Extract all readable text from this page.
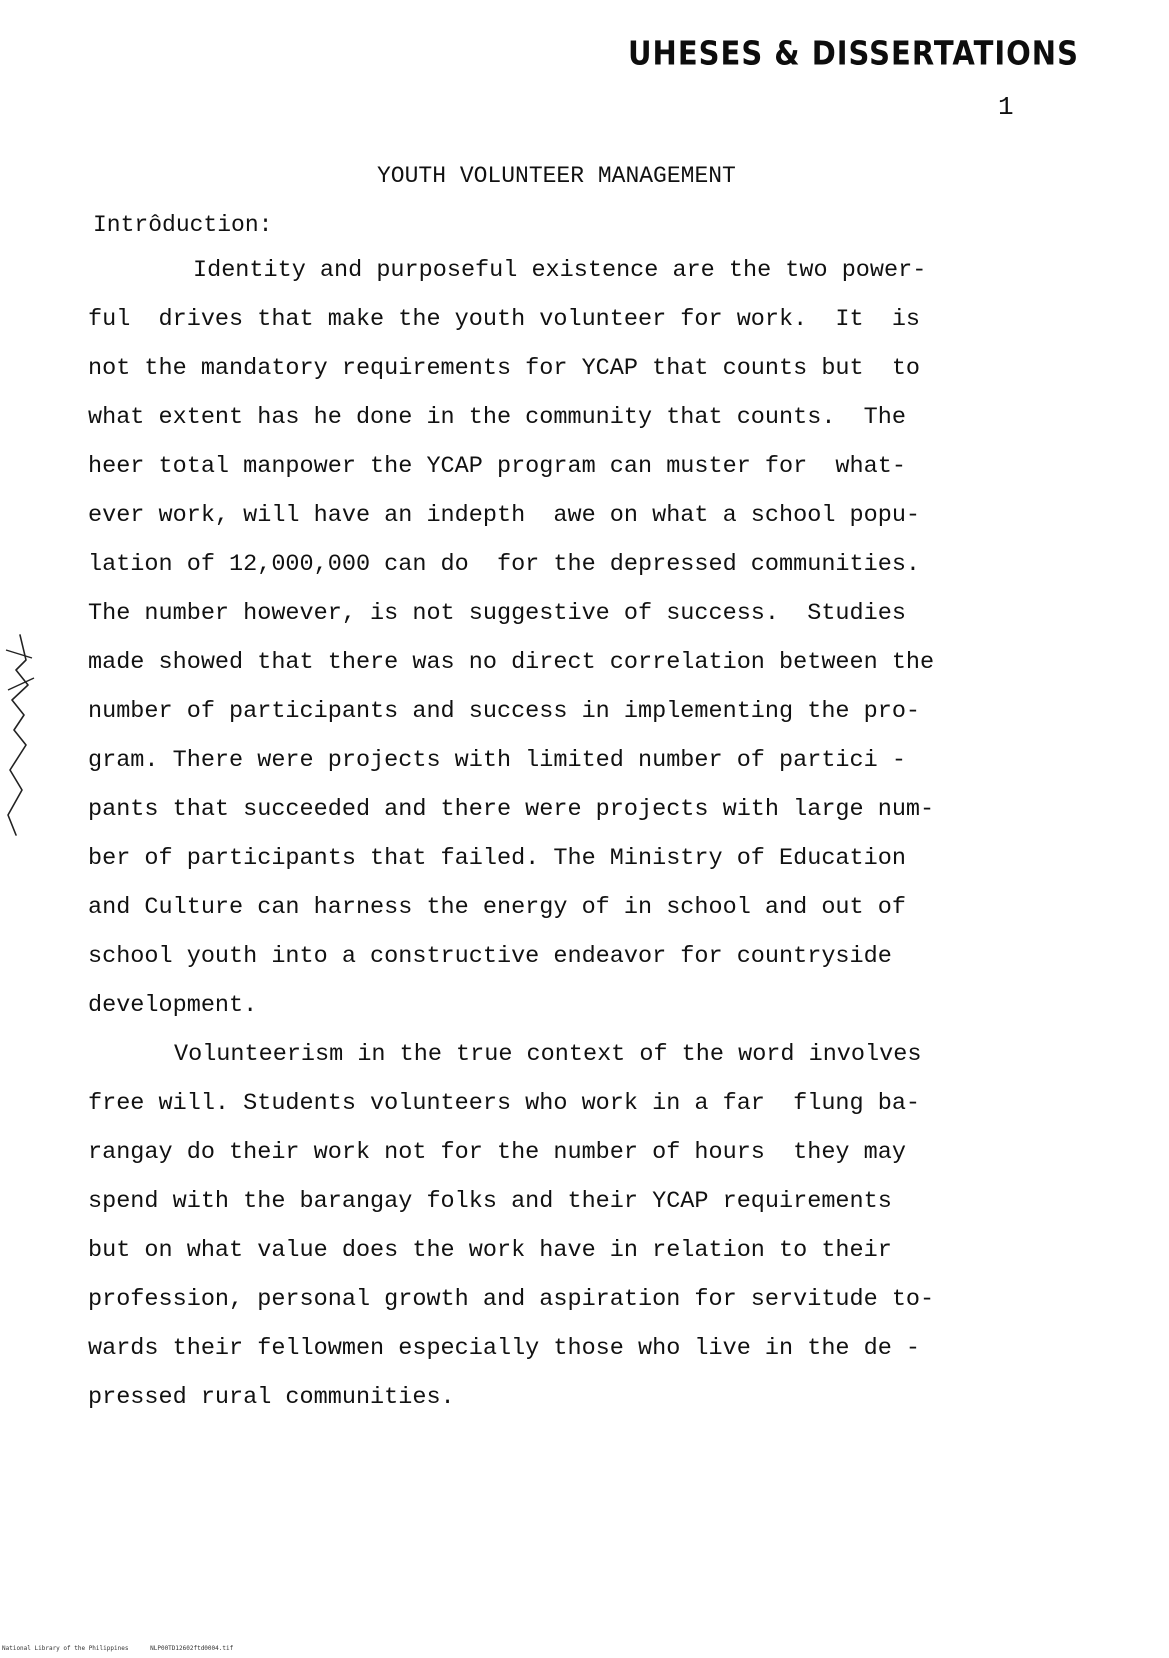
UHESES & DISSERTATIONS
1
YOUTH VOLUNTEER MANAGEMENT
Intrôduction:
Identity and purposeful existence are the two power-
ful  drives that make the youth volunteer for work.  It  is
not the mandatory requirements for YCAP that counts but  to
what extent has he done in the community that counts.  The
heer total manpower the YCAP program can muster for  what-
ever work, will have an indepth  awe on what a school popu-
lation of 12,000,000 can do  for the depressed communities.
The number however, is not suggestive of success.  Studies
made showed that there was no direct correlation between the
number of participants and success in implementing the pro-
gram. There were projects with limited number of partici -
pants that succeeded and there were projects with large num-
ber of participants that failed. The Ministry of Education
and Culture can harness the energy of in school and out of
school youth into a constructive endeavor for countryside
development.
Volunteerism in the true context of the word involves
free will. Students volunteers who work in a far  flung ba-
rangay do their work not for the number of hours  they may
spend with the barangay folks and their YCAP requirements
but on what value does the work have in relation to their
profession, personal growth and aspiration for servitude to-
wards their fellowmen especially those who live in the de -
pressed rural communities.
National Library of the Philippines	NLP00TD12602ftd0004.tif
